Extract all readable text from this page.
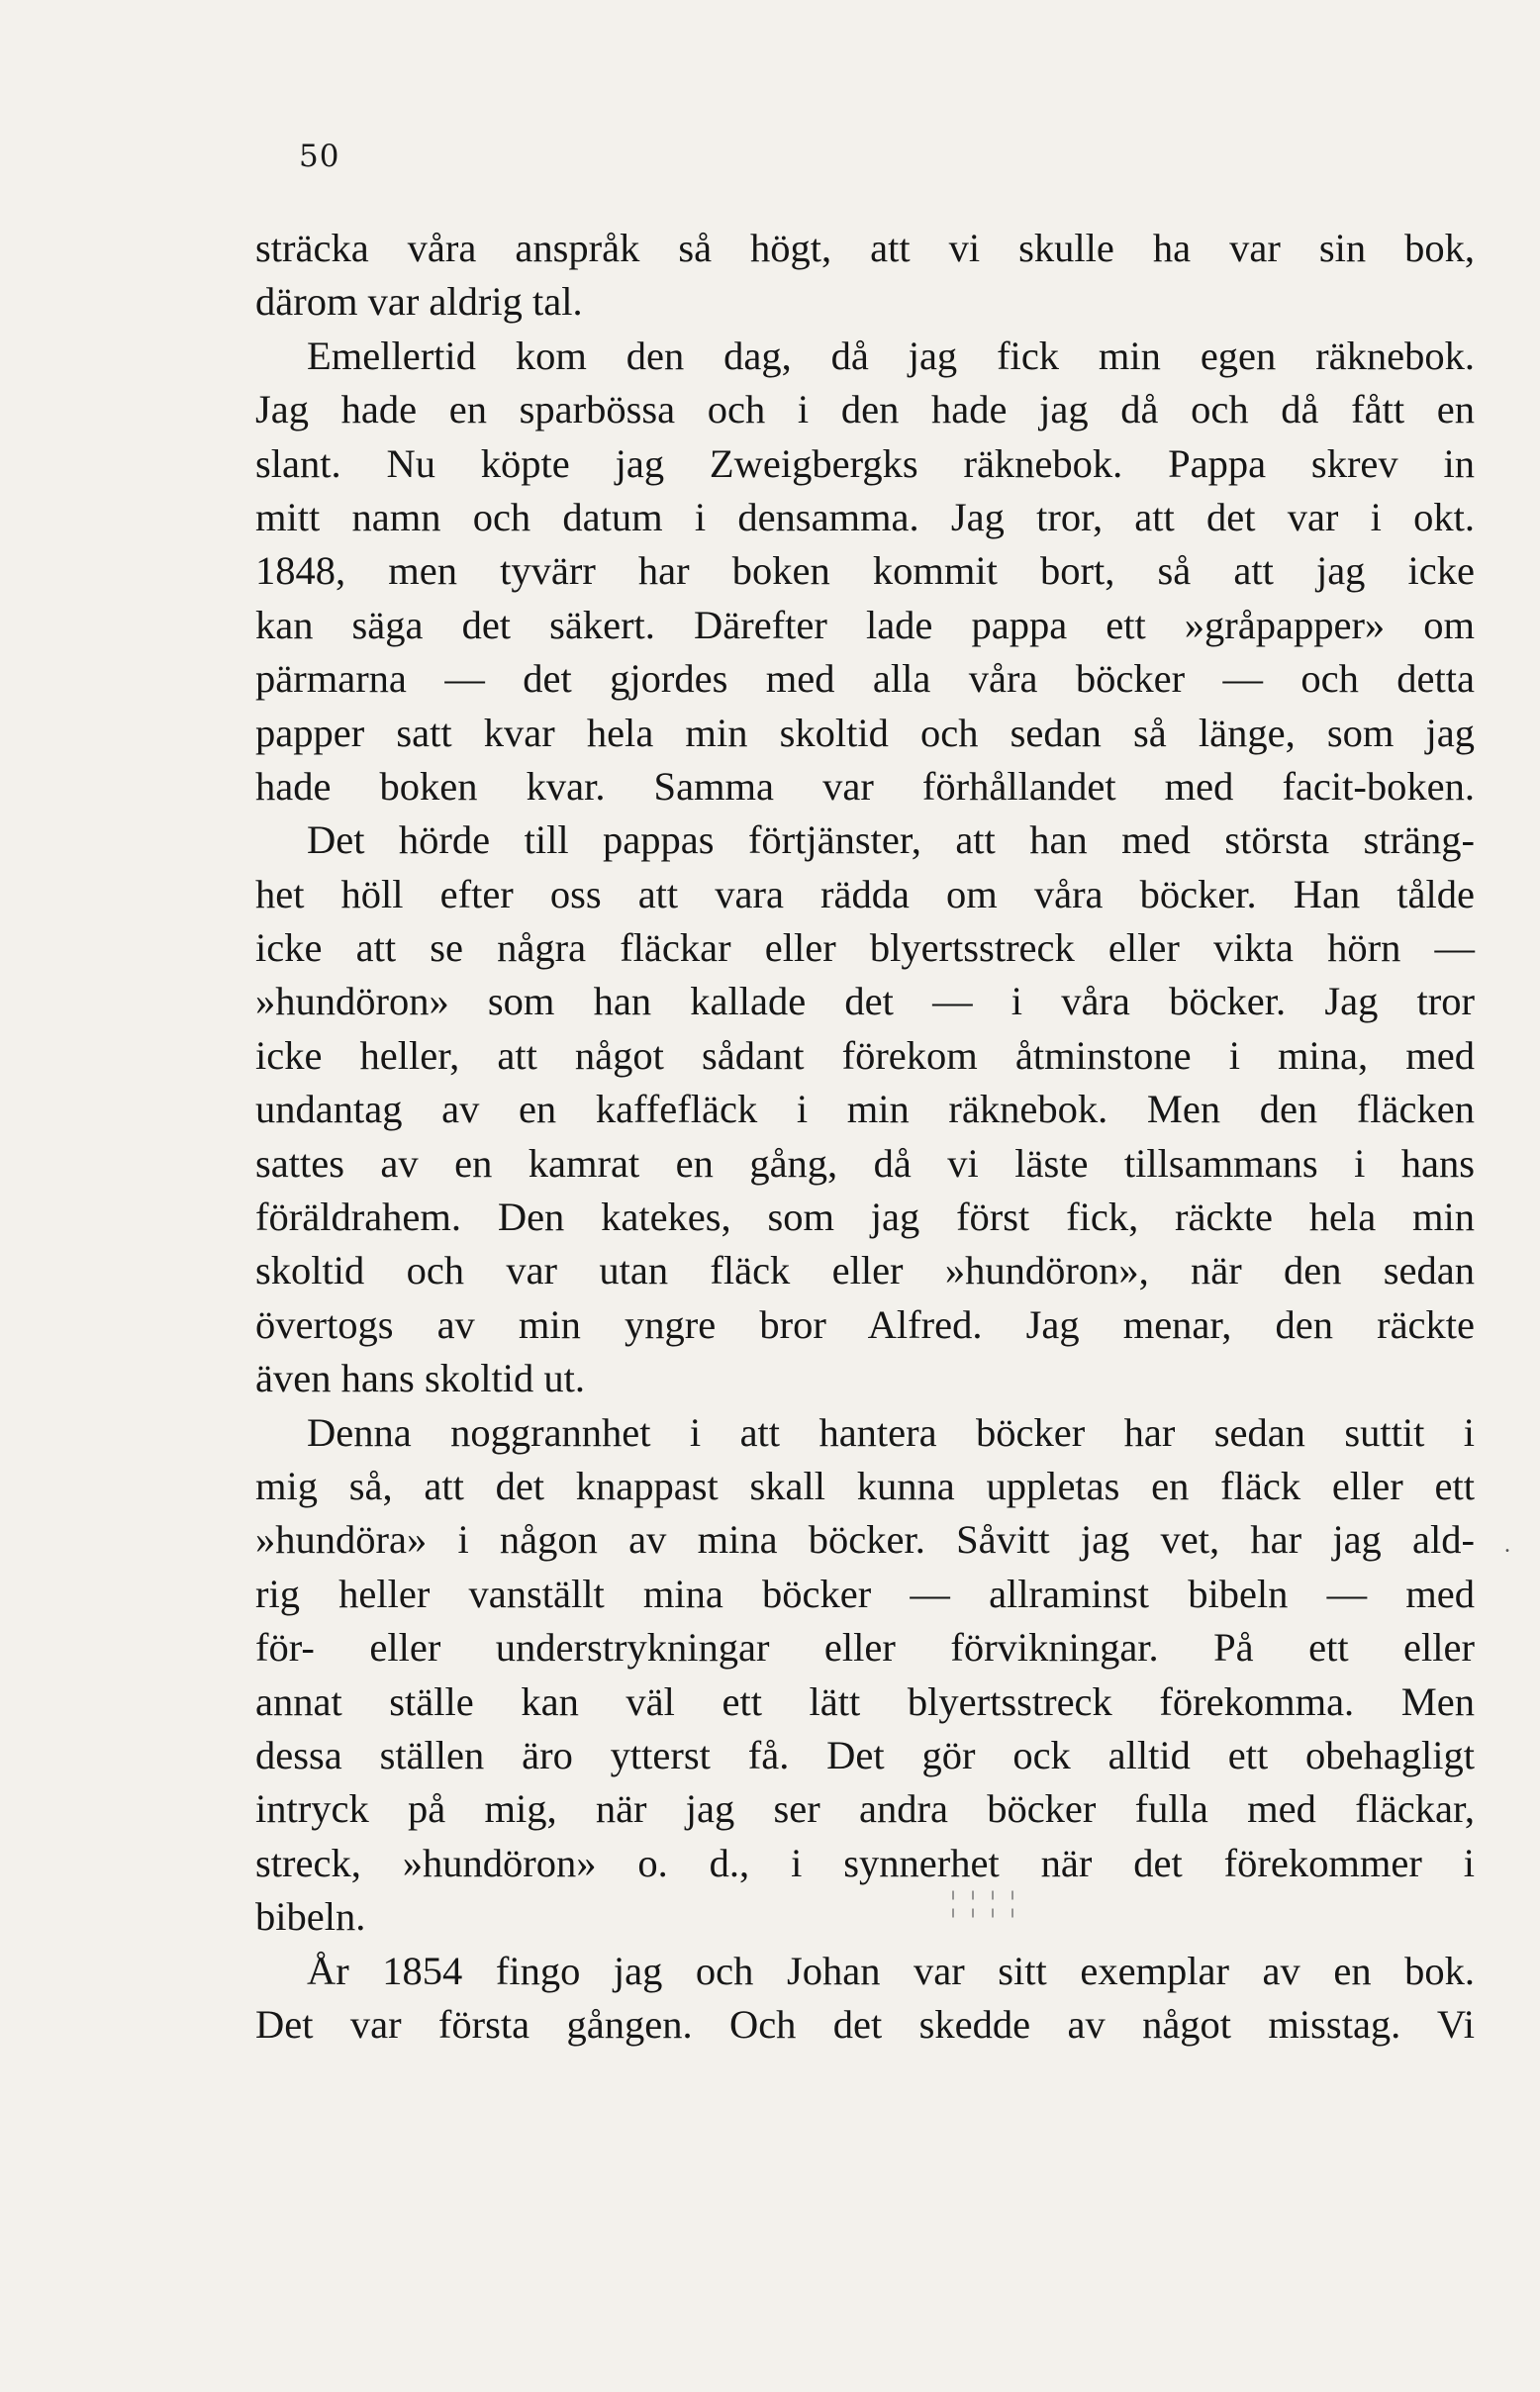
50
sträcka våra anspråk så högt, att vi skulle ha var sin bok,
därom var aldrig tal.
Emellertid kom den dag, då jag fick min egen räknebok.
Jag hade en sparbössa och i den hade jag då och då fått en
slant. Nu köpte jag Zweigbergks räknebok. Pappa skrev in
mitt namn och datum i densamma. Jag tror, att det var i okt.
1848, men tyvärr har boken kommit bort, så att jag icke
kan säga det säkert. Därefter lade pappa ett »gråpapper» om
pärmarna — det gjordes med alla våra böcker — och detta
papper satt kvar hela min skoltid och sedan så länge, som jag
hade boken kvar. Samma var förhållandet med facit-boken.
Det hörde till pappas förtjänster, att han med största sträng-
het höll efter oss att vara rädda om våra böcker. Han tålde
icke att se några fläckar eller blyertsstreck eller vikta hörn —
»hundöron» som han kallade det — i våra böcker. Jag tror
icke heller, att något sådant förekom åtminstone i mina, med
undantag av en kaffefläck i min räknebok. Men den fläcken
sattes av en kamrat en gång, då vi läste tillsammans i hans
föräldrahem. Den katekes, som jag först fick, räckte hela min
skoltid och var utan fläck eller »hundöron», när den sedan
övertogs av min yngre bror Alfred. Jag menar, den räckte
även hans skoltid ut.
Denna noggrannhet i att hantera böcker har sedan suttit i
mig så, att det knappast skall kunna uppletas en fläck eller ett
»hundöra» i någon av mina böcker. Såvitt jag vet, har jag ald-
rig heller vanställt mina böcker — allraminst bibeln — med
för- eller understrykningar eller förvikningar. På ett eller
annat ställe kan väl ett lätt blyertsstreck förekomma. Men
dessa ställen äro ytterst få. Det gör ock alltid ett obehagligt
intryck på mig, när jag ser andra böcker fulla med fläckar,
streck, »hundöron» o. d., i synnerhet när det förekommer i
bibeln.
År 1854 fingo jag och Johan var sitt exemplar av en bok.
Det var första gången. Och det skedde av något misstag. Vi
.
¦¦¦¦
